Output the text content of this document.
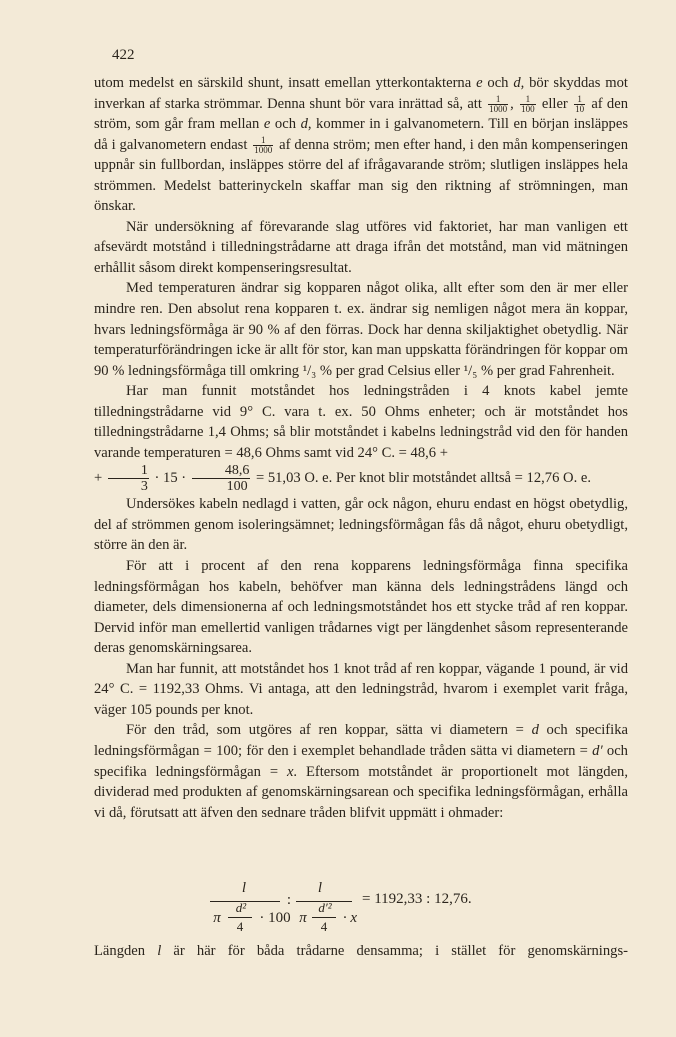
422

utom medelst en särskild shunt, insatt emellan ytterkontakterna e och d, bör skyddas mot inverkan af starka strömmar. Denna shunt bör vara inrättad så, att $\frac{1}{1000}$ , $\frac{1}{100}$ eller $\frac{1}{10}$ af den ström, som går fram mellan e och d, kommer in i galvanometern. Till en början insläppes då i galvanometern endast $\frac{1}{1000}$ af denna ström; men efter hand, i den mån kompenseringen uppnår sin fullbordan, insläppes större del af ifrågavarande ström; slutligen insläppes hela strömmen. Medelst batterinyckeln skaffar man sig den riktning af strömningen, man önskar.

När undersökning af förevarande slag utföres vid faktoriet, har man vanligen ett afsevärdt motstånd i tilledningstrådarne att draga ifrån det motstånd, man vid mätningen erhållit såsom direkt kompenseringsresultat.

Med temperaturen ändrar sig kopparen något olika, allt efter som den är mer eller mindre ren. Den absolut rena kopparen t. ex. ändrar sig nemligen något mera än koppar, hvars ledningsförmåga är 90 % af den förras. Dock har denna skiljaktighet obetydlig. När temperaturförändringen icke är allt för stor, kan man uppskatta förändringen för koppar om 90 % ledningsförmåga till omkring ¹/₃ % per grad Celsius eller ¹/₅ % per grad Fahrenheit.

Har man funnit motståndet hos ledningstråden i 4 knots kabel jemte tilledningstrådarne vid 9° C. vara t. ex. 50 Ohms enheter; och är motståndet hos tilledningstrådarne 1,4 Ohms; så blir motståndet i kabelns ledningstråd vid den för handen varande temperaturen = 48,6 Ohms samt vid 24° C. = 48,6 +
+ $\frac{1}{3} \cdot 15 \cdot \frac{48,6}{100} = 51,03$ O. e. Per knot blir motståndet alltså = 12,76 O. e.

Undersökes kabeln nedlagd i vatten, går ock någon, ehuru endast en högst obetydlig, del af strömmen genom isoleringsämnet; ledningsförmågan fås då något, ehuru obetydligt, större än den är.

För att i procent af den rena kopparens ledningsförmåga finna specifika ledningsförmågan hos kabeln, behöfver man känna dels ledningstrådens längd och diameter, dels dimensionerna af och ledningsmotståndet hos ett stycke tråd af ren koppar. Dervid inför man emellertid vanligen trådarnes vigt per längdenhet såsom representerande deras genomskärningsarea.

Man har funnit, att motståndet hos 1 knot tråd af ren koppar, vägande 1 pound, är vid 24° C. = 1192,33 Ohms. Vi antaga, att den ledningstråd, hvarom i exemplet varit fråga, väger 105 pounds per knot.

För den tråd, som utgöres af ren koppar, sätta vi diametern = d och specifika ledningsförmågan = 100; för den i exemplet behandlade tråden sätta vi diametern = d′ och specifika ledningsförmågan = x. Eftersom motståndet är proportionelt mot längden, dividerad med produkten af genomskärningsarean och specifika ledningsförmågan, erhålla vi då, förutsatt att äfven den sednare tråden blifvit uppmätt i ohmader:

l
π
d²
4
· 100
:
l
π
d′²
4
· x
= 1192,33 : 12,76.
Längden l är här för båda trådarne densamma; i stället för genomskärnings-
